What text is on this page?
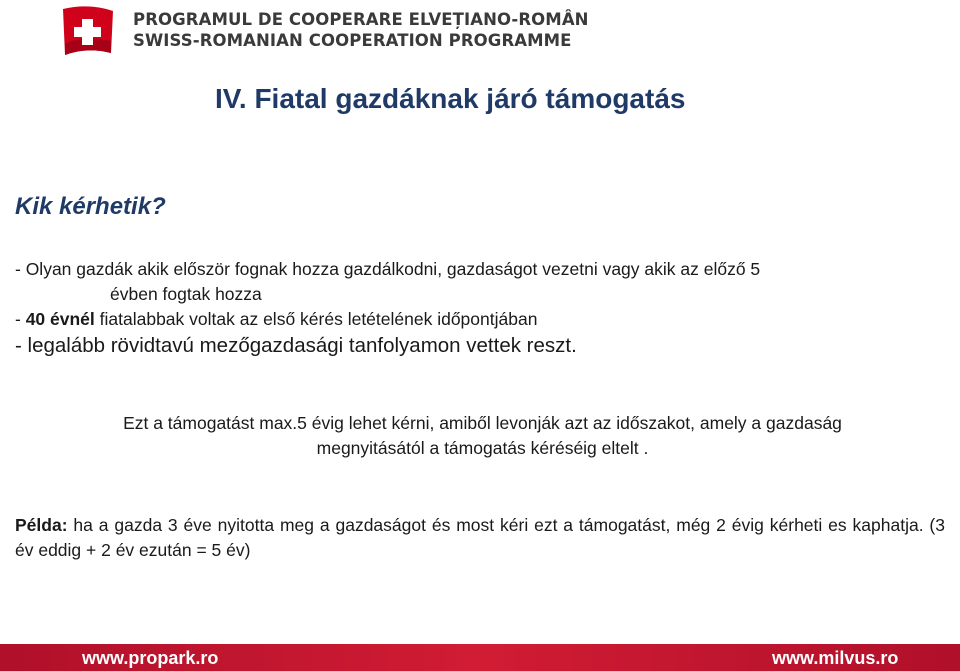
PROGRAMUL DE COOPERARE ELVEȚIANO-ROMÂN
SWISS-ROMANIAN COOPERATION PROGRAMME
IV. Fiatal gazdáknak járó támogatás
Kik kérhetik?
- Olyan gazdák akik először fognak hozza gazdálkodni, gazdaságot vezetni vagy akik az előző 5
évben fogtak hozza
- 40 évnél fiatalabbak voltak az első kérés letételének időpontjában
- legalább rövidtavú mezőgazdasági tanfolyamon vettek reszt.
Ezt a támogatást max.5 évig lehet kérni, amiből levonják azt az időszakot, amely a gazdaság
megnyitásától a támogatás kéréséig eltelt .
Példa: ha a gazda 3 éve nyitotta meg a gazdaságot és most kéri ezt a támogatást, még 2 évig kérheti es kaphatja. (3 év eddig + 2 év ezután = 5 év)
www.propark.ro	www.milvus.ro
